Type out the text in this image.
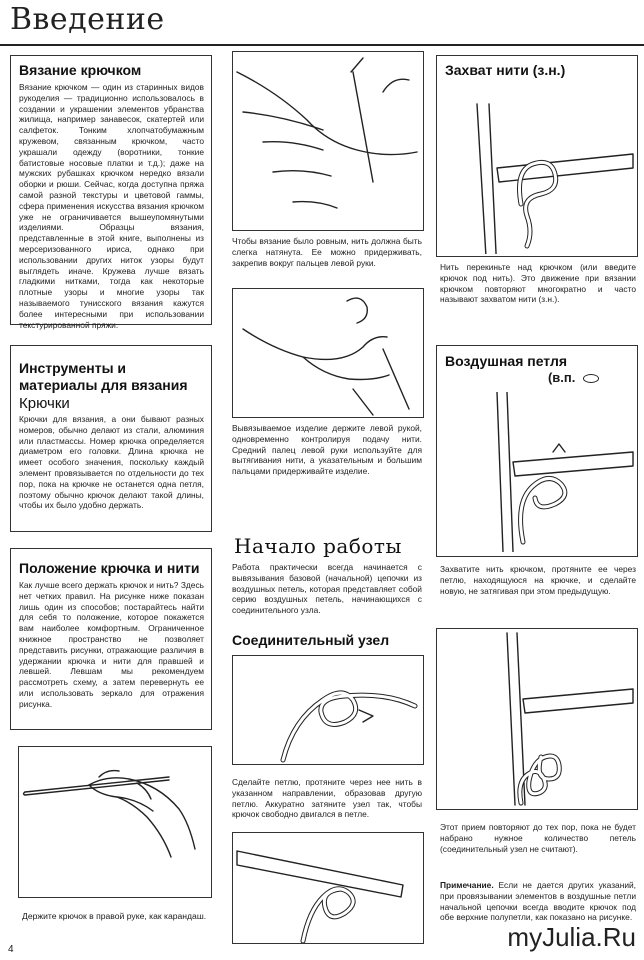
Введение
Вязание крючком

Вязание крючком — один из старинных видов рукоделия — традиционно использовалось в создании и украшении элементов убранства жилища, например занавесок, скатертей или салфеток. Тонким хлопчатобумажным кружевом, связанным крючком, часто украшали одежду (воротники, тонкие батистовые носовые платки и т.д.); даже на мужских рубашках крючком нередко вязали оборки и рюши. Сейчас, когда доступна пряжа самой разной текстуры и цветовой гаммы, сфера применения искусства вязания крючком уже не ограничивается вышеупомянутыми изделиями. Образцы вязания, представленные в этой книге, выполнены из мерсеризованного ириса, однако при использовании других ниток узоры будут выглядеть иначе. Кружева лучше вязать гладкими нитками, тогда как некоторые плотные узоры и многие узоры так называемого тунисского вязания кажутся более интересными при использовании текстурированной пряжи.

Инструменты и материалы для вязания
Крючки

Крючки для вязания, а они бывают разных номеров, обычно делают из стали, алюминия или пластмассы. Номер крючка определяется диаметром его головки. Длина крючка не имеет особого значения, поскольку каждый элемент провязывается по отдельности до тех пор, пока на крючке не останется одна петля, поэтому обычно крючок делают такой длины, чтобы их было удобно держать.

Положение крючка и нити

Как лучше всего держать крючок и нить? Здесь нет четких правил. На рисунке ниже показан лишь один из способов; постарайтесь найти для себя то положение, которое покажется вам наиболее комфортным. Ограниченное книжное пространство не позволяет представить рисунки, отражающие различия в удержании крючка и нити для правшей и левшей. Левшам мы рекомендуем рассмотреть схему, а затем перевернуть ее или использовать зеркало для отражения рисунка.

Держите крючок в правой руке, как карандаш.
4

Чтобы вязание было ровным, нить должна быть слегка натянута. Ее можно придерживать, закрепив вокруг пальцев левой руки.

Вывязываемое изделие держите левой рукой, одновременно контролируя подачу нити. Средний палец левой руки используйте для вытягивания нити, а указательным и большим пальцами придерживайте изделие.

Начало работы

Работа практически всегда начинается с вывязывания базовой (начальной) цепочки из воздушных петель, которая представляет собой серию воздушных петель, начинающихся с соединительного узла.

Соединительный узел

Сделайте петлю, протяните через нее нить в указанном направлении, образовав другую петлю. Аккуратно затяните узел так, чтобы крючок свободно двигался в петле.

Захват нити (з.н.)

Нить перекиньте над крючком (или введите крючок под нить). Это движение при вязании крючком повторяют многократно и часто называют захватом нити (з.н.).

Воздушная петля
(в.п.

Захватите нить крючком, протяните ее через петлю, находящуюся на крючке, и сделайте новую, не затягивая при этом предыдущую.

Этот прием повторяют до тех пор, пока не будет набрано нужное количество петель (соединительный узел не считают).

Примечание. Если не дается других указаний, при провязывании элементов в воздушные петли начальной цепочки всегда вводите крючок под обе верхние полупетли, как показано на рисунке.

myJulia.Ru
